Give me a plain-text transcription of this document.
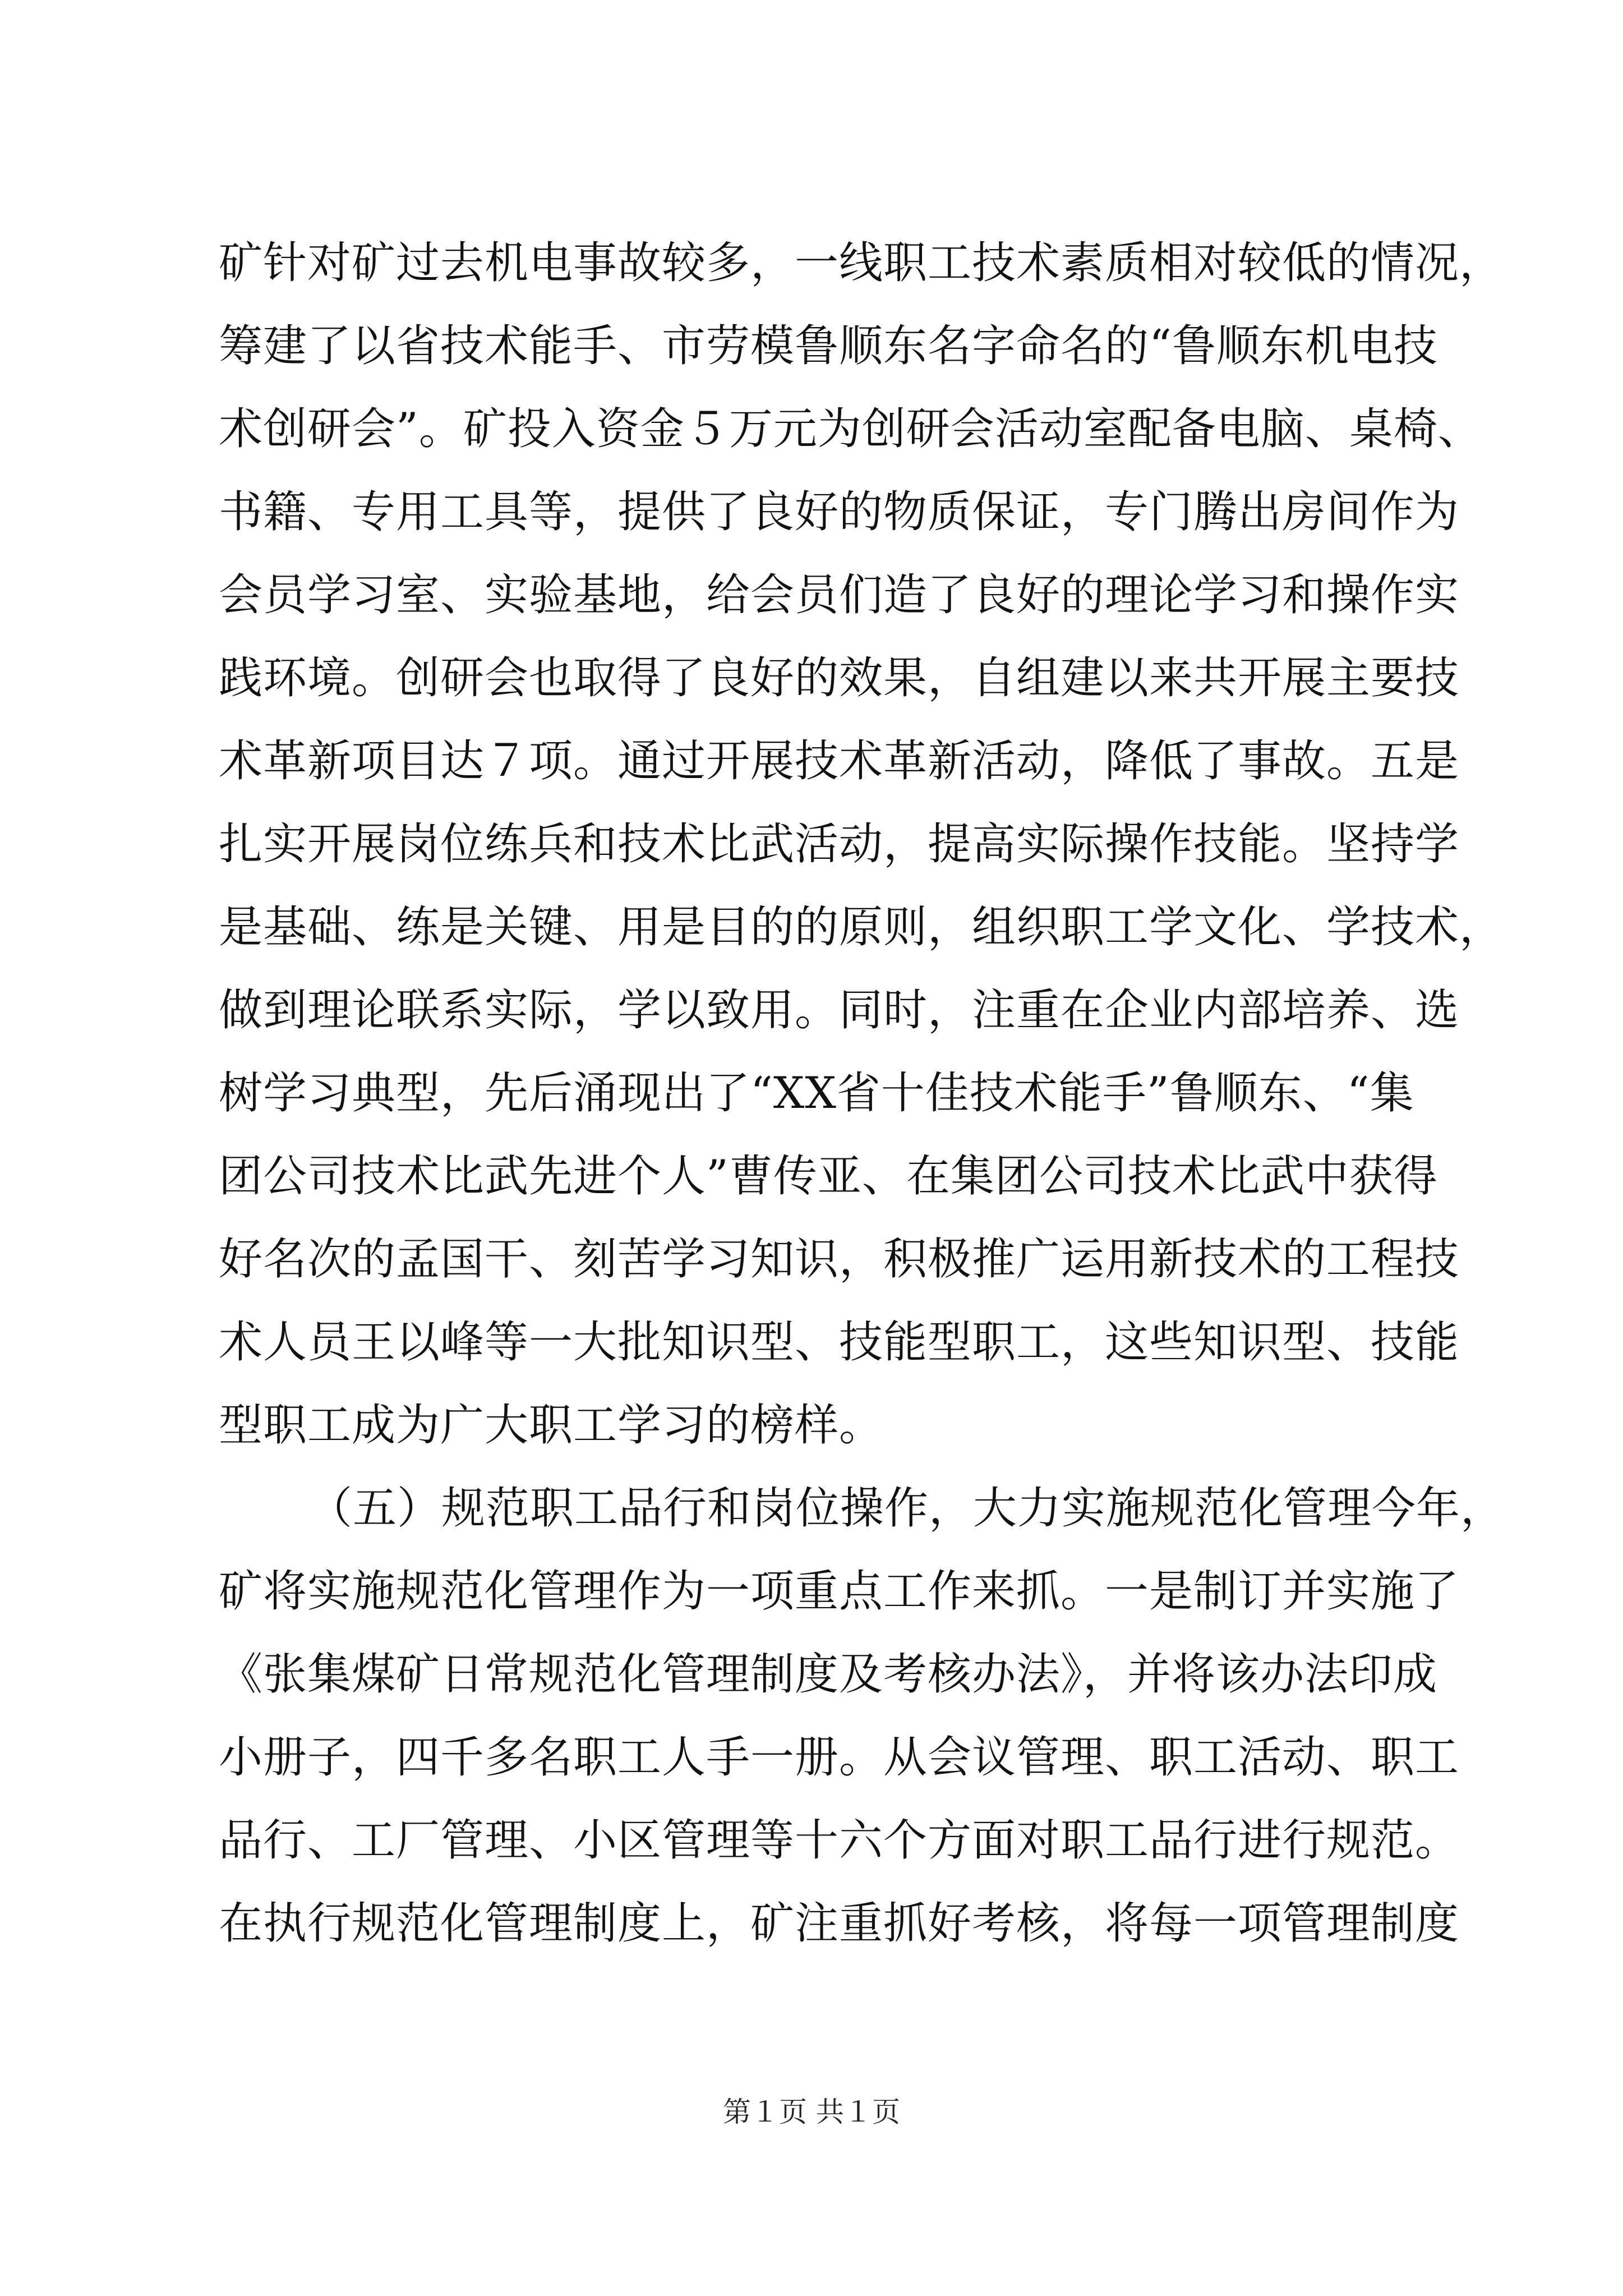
矿针对矿过去机电事故较多，一线职工技术素质相对较低的情况，
筹建了以省技术能手、市劳模鲁顺东名字命名的“鲁顺东机电技
术创研会”。矿投入资金５万元为创研会活动室配备电脑、桌椅、
书籍、专用工具等，提供了良好的物质保证，专门腾出房间作为
会员学习室、实验基地，给会员们造了良好的理论学习和操作实
践环境。创研会也取得了良好的效果，自组建以来共开展主要技
术革新项目达７项。通过开展技术革新活动，降低了事故。五是
扎实开展岗位练兵和技术比武活动，提高实际操作技能。坚持学
是基础、练是关键、用是目的的原则，组织职工学文化、学技术，
做到理论联系实际，学以致用。同时，注重在企业内部培养、选
树学习典型，先后涌现出了“XX省十佳技术能手”鲁顺东、“集
团公司技术比武先进个人”曹传亚、在集团公司技术比武中获得
好名次的孟国干、刻苦学习知识，积极推广运用新技术的工程技
术人员王以峰等一大批知识型、技能型职工，这些知识型、技能
型职工成为广大职工学习的榜样。
（五）规范职工品行和岗位操作，大力实施规范化管理今年，
矿将实施规范化管理作为一项重点工作来抓。一是制订并实施了
《张集煤矿日常规范化管理制度及考核办法》，并将该办法印成
小册子，四千多名职工人手一册。从会议管理、职工活动、职工
品行、工厂管理、小区管理等十六个方面对职工品行进行规范。
在执行规范化管理制度上，矿注重抓好考核，将每一项管理制度
第１页 共１页
